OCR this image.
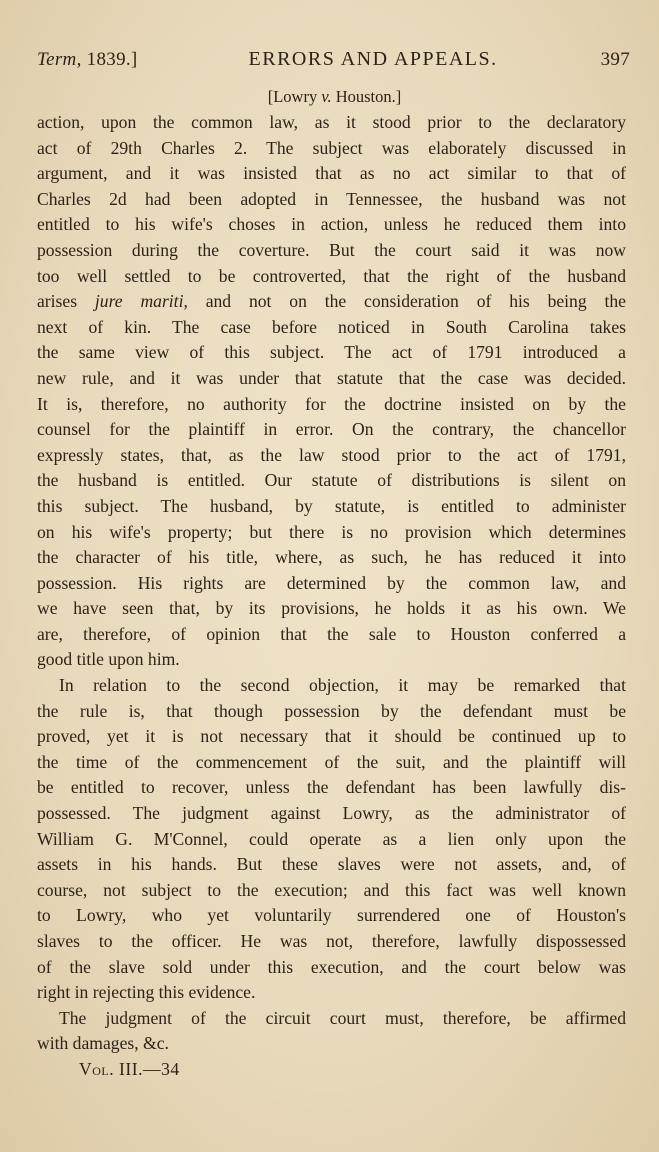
Term, 1839.]	ERRORS AND APPEALS.	397
[Lowry v. Houston.]
action, upon the common law, as it stood prior to the declaratory
act of 29th Charles 2. The subject was elaborately discussed in
argument, and it was insisted that as no act similar to that of
Charles 2d had been adopted in Tennessee, the husband was not
entitled to his wife's choses in action, unless he reduced them into
possession during the coverture. But the court said it was now
too well settled to be controverted, that the right of the husband
arises jure mariti, and not on the consideration of his being the
next of kin. The case before noticed in South Carolina takes
the same view of this subject. The act of 1791 introduced a
new rule, and it was under that statute that the case was decided.
It is, therefore, no authority for the doctrine insisted on by the
counsel for the plaintiff in error. On the contrary, the chancellor
expressly states, that, as the law stood prior to the act of 1791,
the husband is entitled. Our statute of distributions is silent on
this subject. The husband, by statute, is entitled to administer
on his wife's property; but there is no provision which determines
the character of his title, where, as such, he has reduced it into
possession. His rights are determined by the common law, and
we have seen that, by its provisions, he holds it as his own. We
are, therefore, of opinion that the sale to Houston conferred a
good title upon him.
In relation to the second objection, it may be remarked that
the rule is, that though possession by the defendant must be
proved, yet it is not necessary that it should be continued up to
the time of the commencement of the suit, and the plaintiff will
be entitled to recover, unless the defendant has been lawfully dis-
possessed. The judgment against Lowry, as the administrator of
William G. M'Connel, could operate as a lien only upon the
assets in his hands. But these slaves were not assets, and, of
course, not subject to the execution; and this fact was well known
to Lowry, who yet voluntarily surrendered one of Houston's
slaves to the officer. He was not, therefore, lawfully dispossessed
of the slave sold under this execution, and the court below was
right in rejecting this evidence.
The judgment of the circuit court must, therefore, be affirmed
with damages, &c.
Vol. III.—34
